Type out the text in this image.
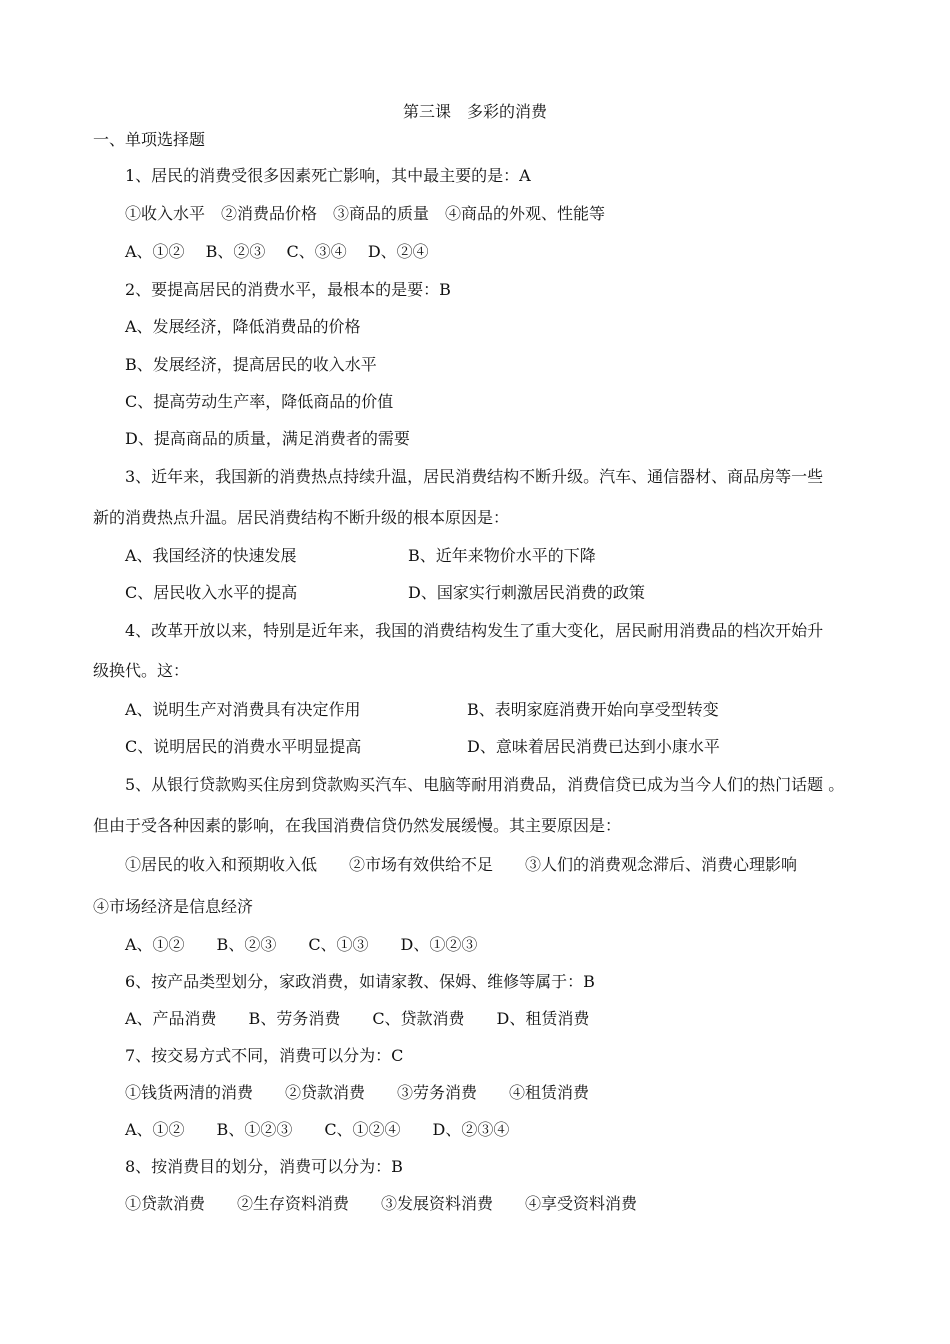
第三课　多彩的消费
一、单项选择题
1、居民的消费受很多因素死亡影响，其中最主要的是：A
①收入水平　②消费品价格　③商品的质量　④商品的外观、性能等
A、①②　 B、②③　 C、③④　 D、②④
2、要提高居民的消费水平，最根本的是要：B
A、发展经济，降低消费品的价格
B、发展经济，提高居民的收入水平
C、提高劳动生产率，降低商品的价值
D、提高商品的质量，满足消费者的需要
3、近年来，我国新的消费热点持续升温，居民消费结构不断升级。汽车、通信器材、商品房等一些
新的消费热点升温。居民消费结构不断升级的根本原因是：
A、我国经济的快速发展	B、近年来物价水平的下降
C、居民收入水平的提高	D、国家实行刺激居民消费的政策
4、改革开放以来，特别是近年来，我国的消费结构发生了重大变化，居民耐用消费品的档次开始升
级换代。这：
A、说明生产对消费具有决定作用	B、表明家庭消费开始向享受型转变
C、说明居民的消费水平明显提高	D、意味着居民消费已达到小康水平
5、从银行贷款购买住房到贷款购买汽车、电脑等耐用消费品，消费信贷已成为当今人们的热门话题 。
但由于受各种因素的影响，在我国消费信贷仍然发展缓慢。其主要原因是：
①居民的收入和预期收入低　　②市场有效供给不足　　③人们的消费观念滞后、消费心理影响
④市场经济是信息经济
A、①②　　B、②③　　C、①③　　D、①②③
6、按产品类型划分，家政消费，如请家教、保姆、维修等属于：B
A、产品消费　　B、劳务消费　　C、贷款消费　　D、租赁消费
7、按交易方式不同，消费可以分为：C
①钱货两清的消费　　②贷款消费　　③劳务消费　　④租赁消费
A、①②　　B、①②③　　C、①②④　　D、②③④
8、按消费目的划分，消费可以分为：B
①贷款消费　　②生存资料消费　　③发展资料消费　　④享受资料消费
